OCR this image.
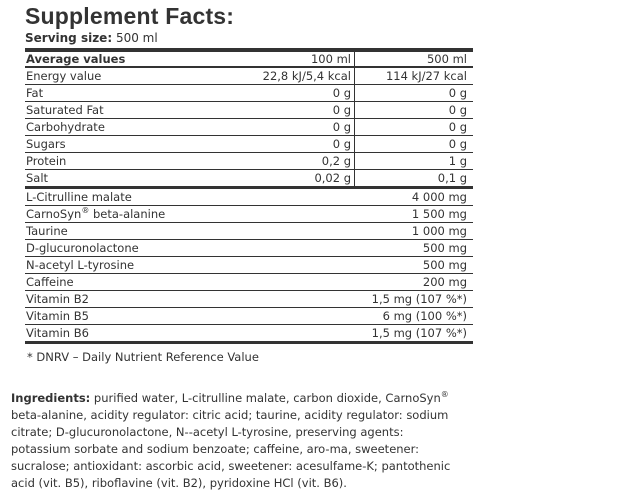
Supplement Facts:
Serving size: 500 ml
Average values	100 ml	500 ml
Energy value	22,8 kJ/5,4 kcal	114 kJ/27 kcal
Fat	0 g	0 g
Saturated Fat	0 g	0 g
Carbohydrate	0 g	0 g
Sugars	0 g	0 g
Protein	0,2 g	1 g
Salt	0,02 g	0,1 g
L-Citrulline malate		4 000 mg
CarnoSyn® beta-alanine		1 500 mg
Taurine		1 000 mg
D-glucuronolactone		500 mg
N-acetyl L-tyrosine		500 mg
Caffeine		200 mg
Vitamin B2		1,5 mg (107 %*)
Vitamin B5		6 mg (100 %*)
Vitamin B6		1,5 mg (107 %*)
* DNRV – Daily Nutrient Reference Value
Ingredients: purified water, L-citrulline malate, carbon dioxide, CarnoSyn® beta-alanine, acidity regulator: citric acid; taurine, acidity regulator: sodium citrate; D-glucuronolactone, N--acetyl L-tyrosine, preserving agents: potassium sorbate and sodium benzoate; caffeine, aro-ma, sweetener: sucralose; antioxidant: ascorbic acid, sweetener: acesulfame-K; pantothenic acid (vit. B5), riboflavine (vit. B2), pyridoxine HCl (vit. B6).
